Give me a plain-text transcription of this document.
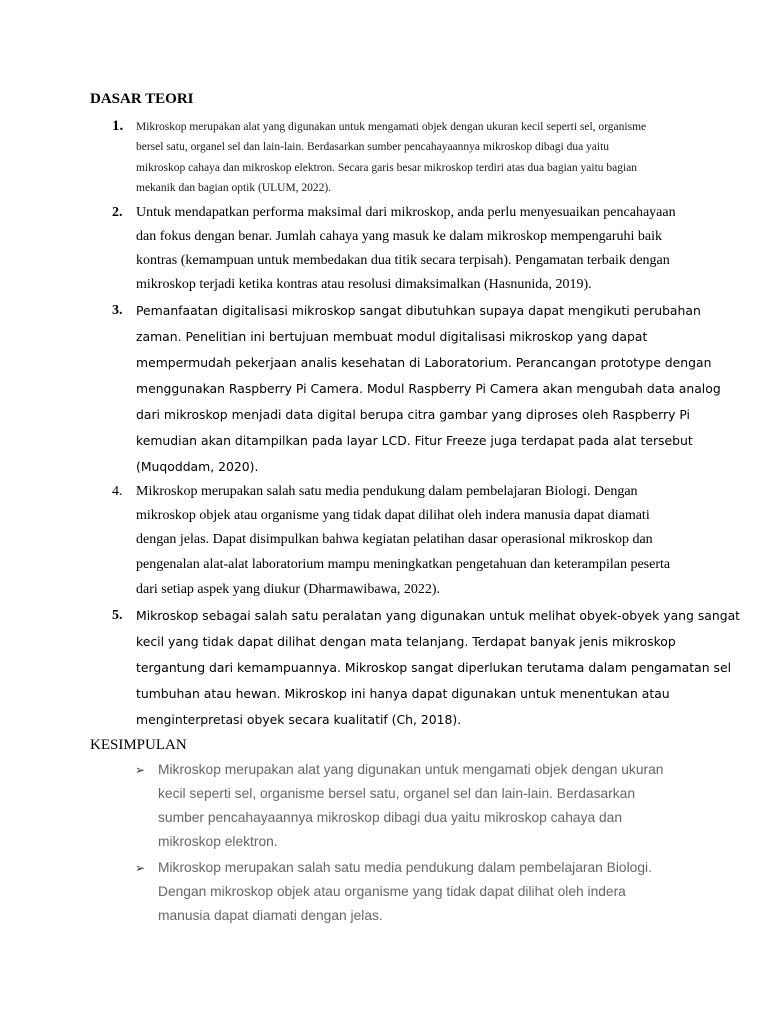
DASAR TEORI
1. Mikroskop merupakan alat yang digunakan untuk mengamati objek dengan ukuran kecil seperti sel, organisme
bersel satu, organel sel dan lain-lain. Berdasarkan sumber pencahayaannya mikroskop dibagi dua yaitu
mikroskop cahaya dan mikroskop elektron. Secara garis besar mikroskop terdiri atas dua bagian yaitu bagian
mekanik dan bagian optik (ULUM, 2022).
2. Untuk mendapatkan performa maksimal dari mikroskop, anda perlu menyesuaikan pencahayaan
dan fokus dengan benar. Jumlah cahaya yang masuk ke dalam mikroskop mempengaruhi baik
kontras (kemampuan untuk membedakan dua titik secara terpisah). Pengamatan terbaik dengan
mikroskop terjadi ketika kontras atau resolusi dimaksimalkan (Hasnunida, 2019).
3. Pemanfaatan digitalisasi mikroskop sangat dibutuhkan supaya dapat mengikuti perubahan
zaman. Penelitian ini bertujuan membuat modul digitalisasi mikroskop yang dapat
mempermudah pekerjaan analis kesehatan di Laboratorium. Perancangan prototype dengan
menggunakan Raspberry Pi Camera. Modul Raspberry Pi Camera akan mengubah data analog
dari mikroskop menjadi data digital berupa citra gambar yang diproses oleh Raspberry Pi
kemudian akan ditampilkan pada layar LCD. Fitur Freeze juga terdapat pada alat tersebut
(Muqoddam, 2020).
4. Mikroskop merupakan salah satu media pendukung dalam pembelajaran Biologi. Dengan
mikroskop objek atau organisme yang tidak dapat dilihat oleh indera manusia dapat diamati
dengan jelas. Dapat disimpulkan bahwa kegiatan pelatihan dasar operasional mikroskop dan
pengenalan alat-alat laboratorium mampu meningkatkan pengetahuan dan keterampilan peserta
dari setiap aspek yang diukur (Dharmawibawa, 2022).
5. Mikroskop sebagai salah satu peralatan yang digunakan untuk melihat obyek-obyek yang sangat
kecil yang tidak dapat dilihat dengan mata telanjang. Terdapat banyak jenis mikroskop
tergantung dari kemampuannya. Mikroskop sangat diperlukan terutama dalam pengamatan sel
tumbuhan atau hewan. Mikroskop ini hanya dapat digunakan untuk menentukan atau
menginterpretasi obyek secara kualitatif (Ch, 2018).
KESIMPULAN
➢ Mikroskop merupakan alat yang digunakan untuk mengamati objek dengan ukuran
kecil seperti sel, organisme bersel satu, organel sel dan lain-lain. Berdasarkan
sumber pencahayaannya mikroskop dibagi dua yaitu mikroskop cahaya dan
mikroskop elektron.
➢ Mikroskop merupakan salah satu media pendukung dalam pembelajaran Biologi.
Dengan mikroskop objek atau organisme yang tidak dapat dilihat oleh indera
manusia dapat diamati dengan jelas.
